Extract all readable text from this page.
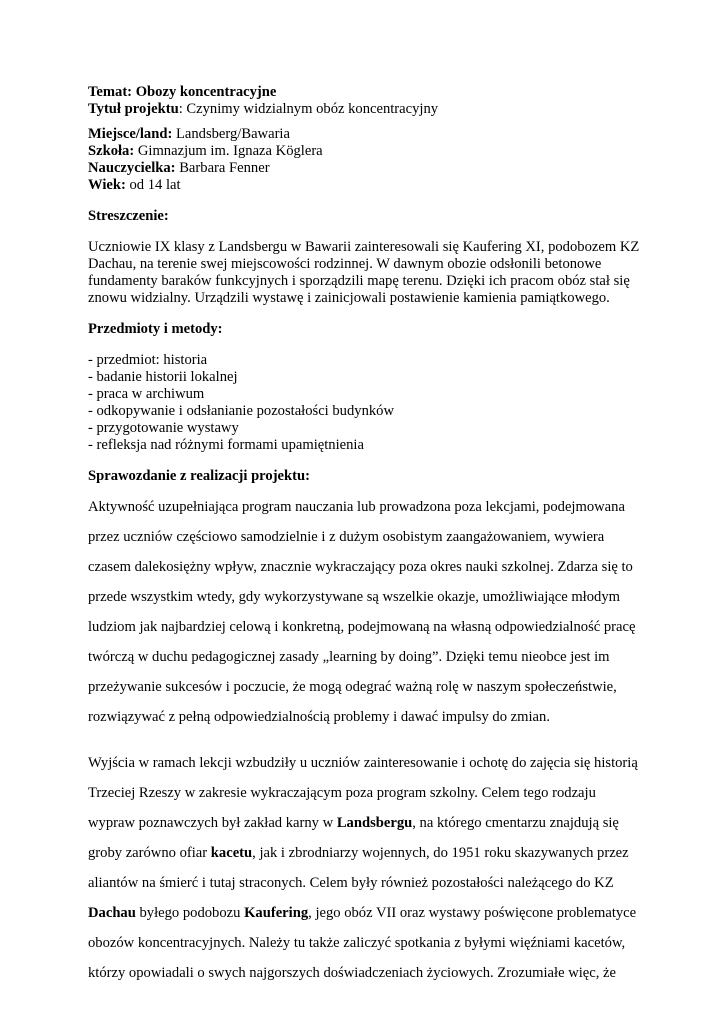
Temat: Obozy koncentracyjne
Tytuł projektu: Czynimy widzialnym obóz koncentracyjny
Miejsce/land: Landsberg/Bawaria
Szkoła: Gimnazjum im. Ignaza Köglera
Nauczycielka: Barbara Fenner
Wiek: od 14 lat
Streszczenie:
Uczniowie IX klasy z Landsbergu w Bawarii zainteresowali się Kaufering XI, podobozem KZ
Dachau, na terenie swej miejscowości rodzinnej. W dawnym obozie odsłonili betonowe
fundamenty baraków funkcyjnych i sporządzili mapę terenu. Dzięki ich pracom obóz stał się
znowu widzialny. Urządzili wystawę i zainicjowali postawienie kamienia pamiątkowego.
Przedmioty i metody:
- przedmiot: historia
- badanie historii lokalnej
- praca w archiwum
- odkopywanie i odsłanianie pozostałości budynków
- przygotowanie wystawy
- refleksja nad różnymi formami upamiętnienia
Sprawozdanie z realizacji projektu:
Aktywność uzupełniająca program nauczania lub prowadzona poza lekcjami, podejmowana
przez uczniów częściowo samodzielnie i z dużym osobistym zaangażowaniem, wywiera
czasem dalekosiężny wpływ, znacznie wykraczający poza okres nauki szkolnej. Zdarza się to
przede wszystkim wtedy, gdy wykorzystywane są wszelkie okazje, umożliwiające młodym
ludziom jak najbardziej celową i konkretną, podejmowaną na własną odpowiedzialność pracę
twórczą w duchu pedagogicznej zasady „learning by doing”. Dzięki temu nieobce jest im
przeżywanie sukcesów i poczucie, że mogą odegrać ważną rolę w naszym społeczeństwie,
rozwiązywać z pełną odpowiedzialnością problemy i dawać impulsy do zmian.
Wyjścia w ramach lekcji wzbudziły u uczniów zainteresowanie i ochotę do zajęcia się historią
Trzeciej Rzeszy w zakresie wykraczającym poza program szkolny. Celem tego rodzaju
wypraw poznawczych był zakład karny w Landsbergu, na którego cmentarzu znajdują się
groby zarówno ofiar kacetu, jak i zbrodniarzy wojennych, do 1951 roku skazywanych przez
aliantów na śmierć i tutaj straconych. Celem były również pozostałości należącego do KZ
Dachau byłego podobozu Kaufering, jego obóz VII oraz wystawy poświęcone problematyce
obozów koncentracyjnych. Należy tu także zaliczyć spotkania z byłymi więźniami kacetów,
którzy opowiadali o swych najgorszych doświadczeniach życiowych. Zrozumiałe więc, że
